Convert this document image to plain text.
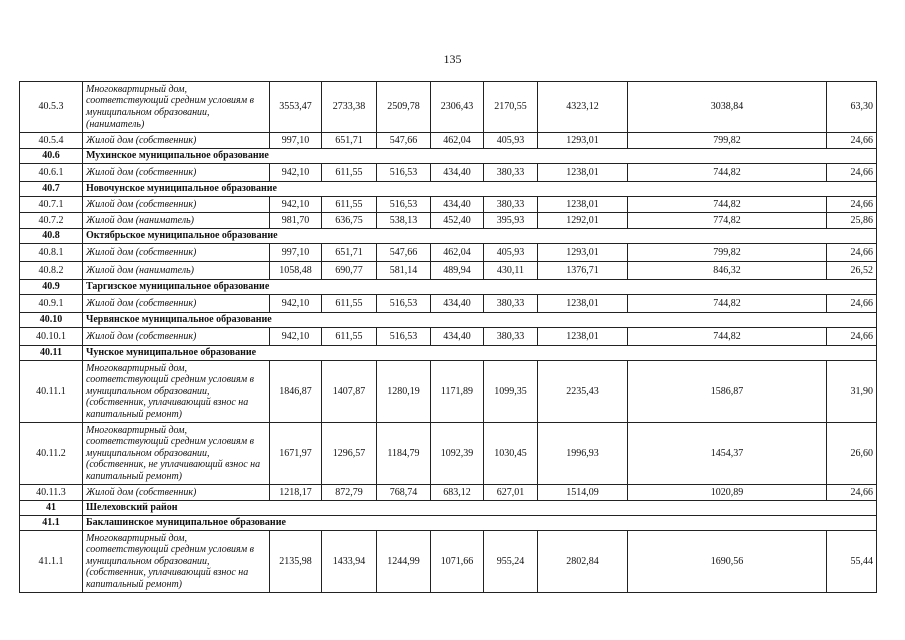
135
40.5.3	Многоквартирный дом, соответствующий средним условиям в муниципальном образовании, (наниматель)	3553,47	2733,38	2509,78	2306,43	2170,55	4323,12	3038,84	63,30
40.5.4	Жилой дом (собственник)	997,10	651,71	547,66	462,04	405,93	1293,01	799,82	24,66
40.6	Мухинское муниципальное образование								
40.6.1	Жилой дом (собственник)	942,10	611,55	516,53	434,40	380,33	1238,01	744,82	24,66
40.7	Новочунское муниципальное образование								
40.7.1	Жилой дом (собственник)	942,10	611,55	516,53	434,40	380,33	1238,01	744,82	24,66
40.7.2	Жилой дом (наниматель)	981,70	636,75	538,13	452,40	395,93	1292,01	774,82	25,86
40.8	Октябрьское муниципальное образование								
40.8.1	Жилой дом (собственник)	997,10	651,71	547,66	462,04	405,93	1293,01	799,82	24,66
40.8.2	Жилой дом (наниматель)	1058,48	690,77	581,14	489,94	430,11	1376,71	846,32	26,52
40.9	Таргизское муниципальное образование								
40.9.1	Жилой дом (собственник)	942,10	611,55	516,53	434,40	380,33	1238,01	744,82	24,66
40.10	Червянское муниципальное образование								
40.10.1	Жилой дом (собственник)	942,10	611,55	516,53	434,40	380,33	1238,01	744,82	24,66
40.11	Чунское муниципальное образование								
40.11.1	Многоквартирный дом, соответствующий средним условиям в муниципальном образовании, (собственник, уплачивающий взнос на капитальный ремонт)	1846,87	1407,87	1280,19	1171,89	1099,35	2235,43	1586,87	31,90
40.11.2	Многоквартирный дом, соответствующий средним условиям в муниципальном образовании, (собственник, не уплачивающий взнос на капитальный ремонт)	1671,97	1296,57	1184,79	1092,39	1030,45	1996,93	1454,37	26,60
40.11.3	Жилой дом (собственник)	1218,17	872,79	768,74	683,12	627,01	1514,09	1020,89	24,66
41	Шелеховский район								
41.1	Баклашинское муниципальное образование								
41.1.1	Многоквартирный дом, соответствующий средним условиям в муниципальном образовании, (собственник, уплачивающий взнос на капитальный ремонт)	2135,98	1433,94	1244,99	1071,66	955,24	2802,84	1690,56	55,44
